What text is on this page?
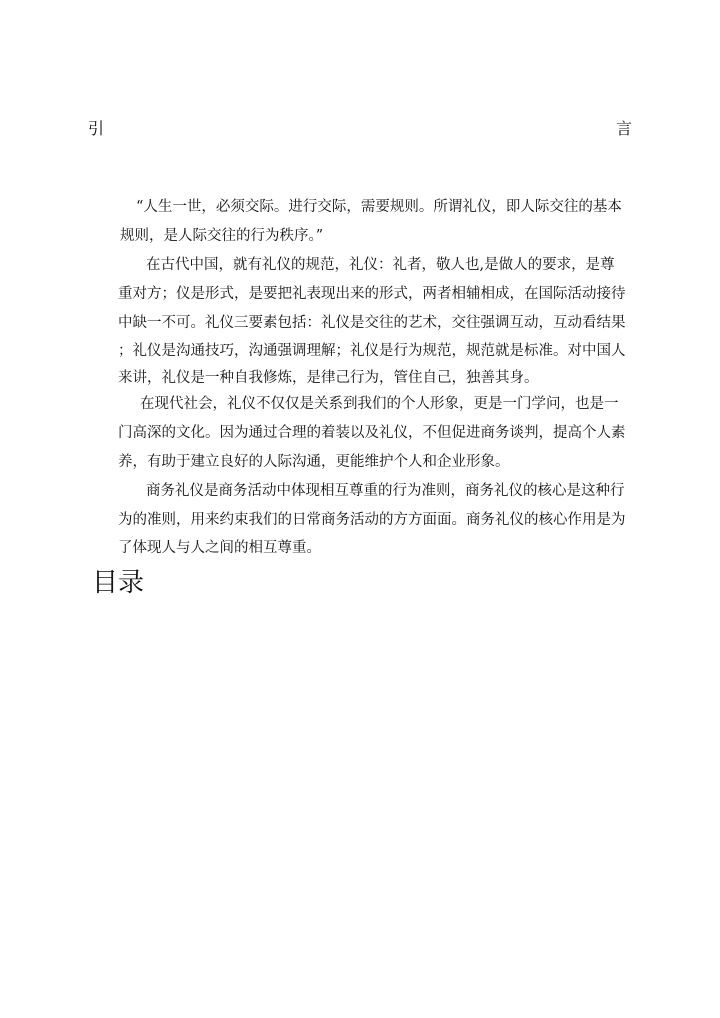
引	言
“人生一世，必须交际。进行交际，需要规则。所谓礼仪，即人际交往的基本
规则，是人际交往的行为秩序。”
在古代中国，就有礼仪的规范，礼仪：礼者，敬人也,是做人的要求，是尊
重对方；仪是形式，是要把礼表现出来的形式，两者相辅相成，在国际活动接待
中缺一不可。礼仪三要素包括：礼仪是交往的艺术，交往强调互动，互动看结果
；礼仪是沟通技巧，沟通强调理解；礼仪是行为规范，规范就是标准。对中国人
来讲，礼仪是一种自我修炼，是律己行为，管住自己，独善其身。
在现代社会，礼仪不仅仅是关系到我们的个人形象，更是一门学问，也是一
门高深的文化。因为通过合理的着装以及礼仪，不但促进商务谈判，提高个人素
养，有助于建立良好的人际沟通，更能维护个人和企业形象。
商务礼仪是商务活动中体现相互尊重的行为准则，商务礼仪的核心是这种行
为的准则，用来约束我们的日常商务活动的方方面面。商务礼仪的核心作用是为
了体现人与人之间的相互尊重。
目录
